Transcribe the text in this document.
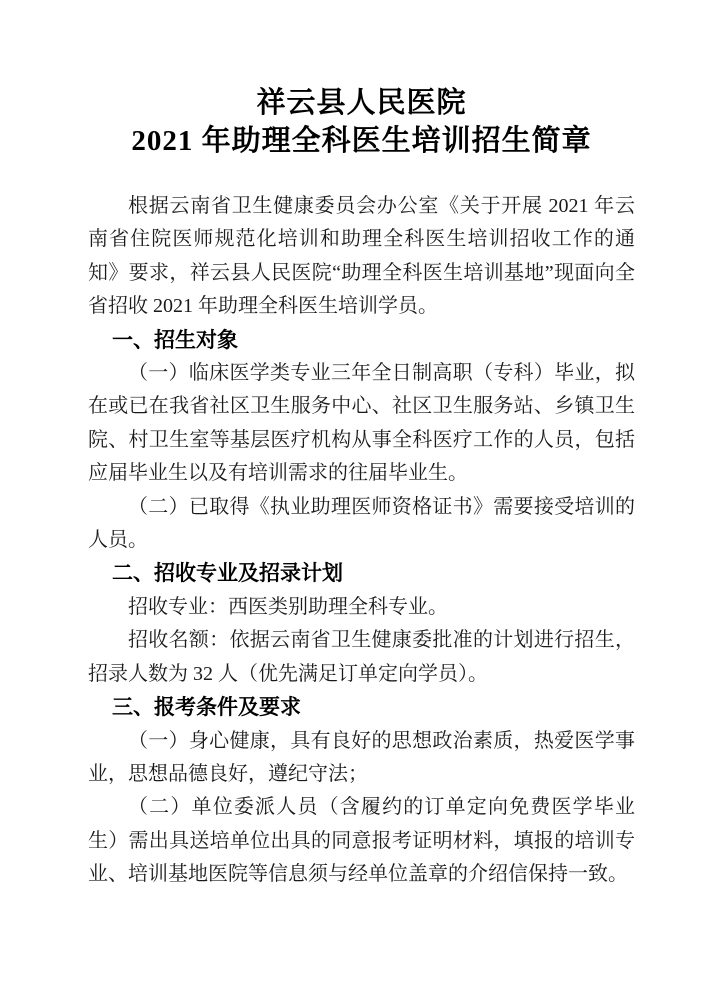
祥云县人民医院
2021 年助理全科医生培训招生简章

根据云南省卫生健康委员会办公室《关于开展 2021 年云南省住院医师规范化培训和助理全科医生培训招收工作的通知》要求，祥云县人民医院“助理全科医生培训基地”现面向全省招收 2021 年助理全科医生培训学员。

一、招生对象

（一）临床医学类专业三年全日制高职（专科）毕业，拟在或已在我省社区卫生服务中心、社区卫生服务站、乡镇卫生院、村卫生室等基层医疗机构从事全科医疗工作的人员，包括应届毕业生以及有培训需求的往届毕业生。

（二）已取得《执业助理医师资格证书》需要接受培训的人员。

二、招收专业及招录计划

招收专业：西医类别助理全科专业。

招收名额：依据云南省卫生健康委批准的计划进行招生，招录人数为 32 人（优先满足订单定向学员）。

三、报考条件及要求

（一）身心健康，具有良好的思想政治素质，热爱医学事业，思想品德良好，遵纪守法；

（二）单位委派人员（含履约的订单定向免费医学毕业生）需出具送培单位出具的同意报考证明材料，填报的培训专业、培训基地医院等信息须与经单位盖章的介绍信保持一致。
